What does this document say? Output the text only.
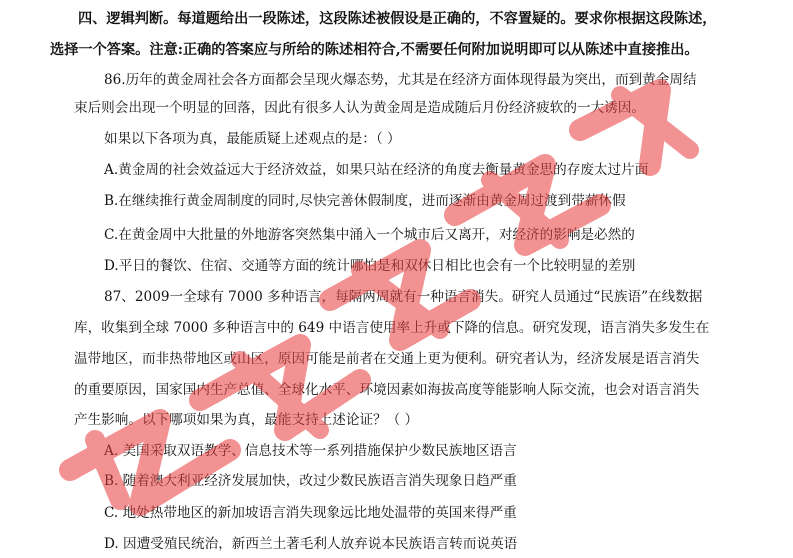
四、逻辑判断。每道题给出一段陈述，这段陈述被假设是正确的，不容置疑的。要求你根据这段陈述，
选择一个答案。注意:正确的答案应与所给的陈述相符合,不需要任何附加说明即可以从陈述中直接推出。
86.历年的黄金周社会各方面都会呈现火爆态势，尤其是在经济方面体现得最为突出，而到黄金周结
束后则会出现一个明显的回落，因此有很多人认为黄金周是造成随后月份经济疲软的一大诱因。
如果以下各项为真，最能质疑上述观点的是：（ ）
A.黄金周的社会效益远大于经济效益，如果只站在经济的角度去衡量黄金思的存废太过片面
B.在继续推行黄金周制度的同时,尽快完善休假制度，进而逐渐由黄金周过渡到带薪休假
C.在黄金周中大批量的外地游客突然集中涌入一个城市后又离开，对经济的影响是必然的
D.平日的餐饮、住宿、交通等方面的统计哪怕是和双休日相比也会有一个比较明显的差别
87、2009一全球有 7000 多种语言，每隔两周就有一种语言消失。研究人员通过“民族语”在线数据
库，收集到全球 7000 多种语言中的 649 中语言使用率上升或下降的信息。研究发现，语言消失多发生在
温带地区，而非热带地区或山区，原因可能是前者在交通上更为便利。研究者认为，经济发展是语言消失
的重要原因，国家国内生产总值、全球化水平、环境因素如海拔高度等能影响人际交流，也会对语言消失
产生影响。以下哪项如果为真，最能支持上述论证？（ ）
A. 美国采取双语教学、信息技术等一系列措施保护少数民族地区语言
B. 随着澳大利亚经济发展加快，改过少数民族语言消失现象日趋严重
C. 地处热带地区的新加坡语言消失现象远比地处温带的英国来得严重
D. 因遭受殖民统治，新西兰土著毛利人放弃说本民族语言转而说英语
